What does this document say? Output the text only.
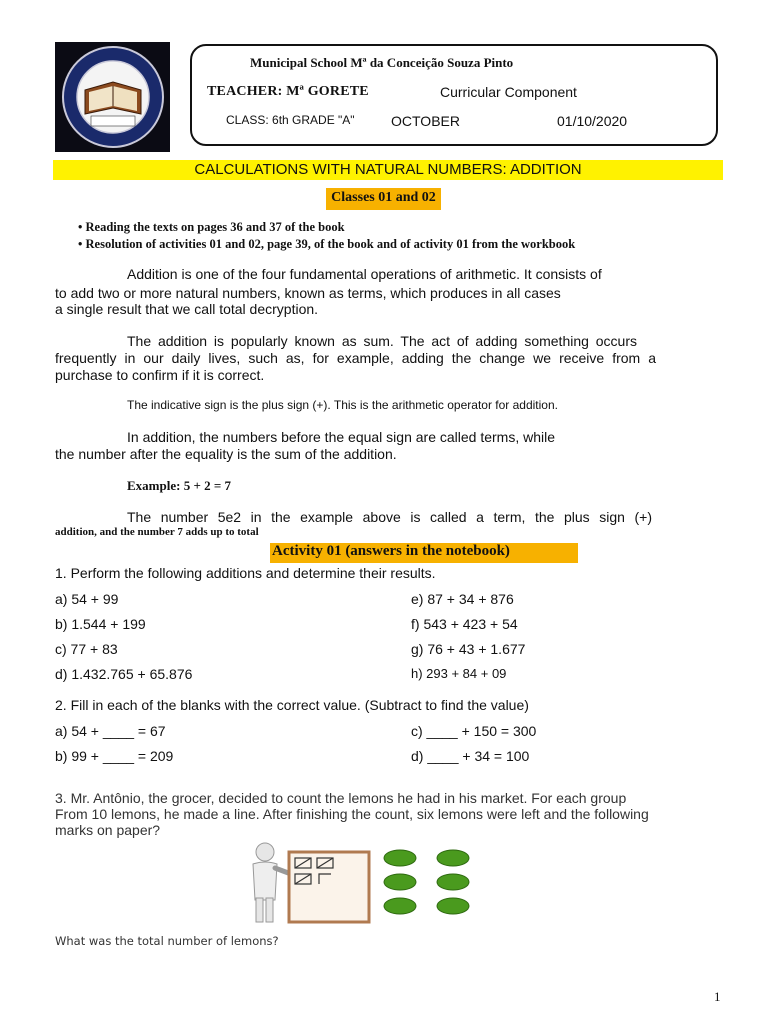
Municipal School Mª da Conceição Souza Pinto
TEACHER: Mª GORETE	Curricular Component
CLASS: 6th GRADE "A"	OCTOBER	01/10/2020
CALCULATIONS WITH NATURAL NUMBERS: ADDITION
Classes 01 and 02
• Reading the texts on pages 36 and 37 of the book
• Resolution of activities 01 and 02, page 39, of the book and of activity 01 from the workbook
Addition is one of the four fundamental operations of arithmetic. It consists of
to add two or more natural numbers, known as terms, which produces in all cases
a single result that we call total decryption.
The addition is popularly known as sum. The act of adding something occurs
frequently in our daily lives, such as, for example, adding the change we receive from a
purchase to confirm if it is correct.
The indicative sign is the plus sign (+). This is the arithmetic operator for addition.
In addition, the numbers before the equal sign are called terms, while
the number after the equality is the sum of the addition.
Example: 5 + 2 = 7
The number 5e2 in the example above is called a term, the plus sign (+)
addition, and the number 7 adds up to total
Activity 01 (answers in the notebook)
1. Perform the following additions and determine their results.
a) 54 + 99	e) 87 + 34 + 876
b) 1.544 + 199	f) 543 + 423 + 54
c) 77 + 83	g) 76 + 43 + 1.677
d) 1.432.765 + 65.876	h) 293 + 84 + 09
2. Fill in each of the blanks with the correct value. (Subtract to find the value)
a) 54 + ____ = 67	c) ____ + 150 = 300
b) 99 + ____ = 209	d) ____ + 34 = 100
3. Mr. Antônio, the grocer, decided to count the lemons he had in his market. For each group
From 10 lemons, he made a line. After finishing the count, six lemons were left and the following
marks on paper?
What was the total number of lemons?
1
